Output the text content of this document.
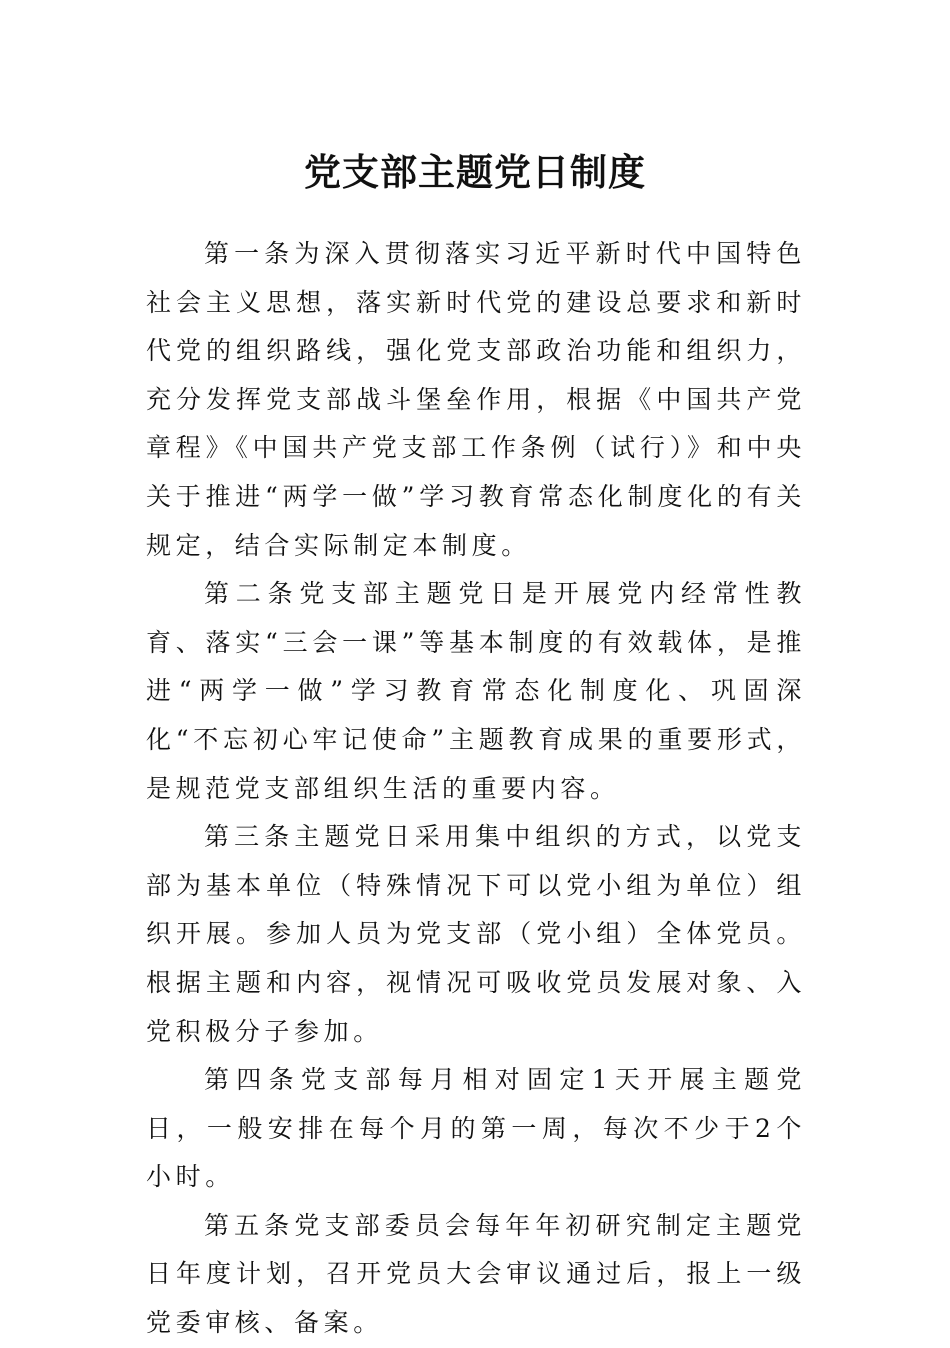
党支部主题党日制度

第一条为深入贯彻落实习近平新时代中国特色社会主义思想，落实新时代党的建设总要求和新时代党的组织路线，强化党支部政治功能和组织力，充分发挥党支部战斗堡垒作用，根据《中国共产党章程》《中国共产党支部工作条例（试行）》和中央关于推进“两学一做”学习教育常态化制度化的有关规定，结合实际制定本制度。

第二条党支部主题党日是开展党内经常性教育、落实“三会一课”等基本制度的有效载体，是推进“两学一做”学习教育常态化制度化、巩固深化“不忘初心牢记使命”主题教育成果的重要形式，是规范党支部组织生活的重要内容。

第三条主题党日采用集中组织的方式，以党支部为基本单位（特殊情况下可以党小组为单位）组织开展。参加人员为党支部（党小组）全体党员。根据主题和内容，视情况可吸收党员发展对象、入党积极分子参加。

第四条党支部每月相对固定1天开展主题党日，一般安排在每个月的第一周，每次不少于2个小时。

第五条党支部委员会每年年初研究制定主题党日年度计划，召开党员大会审议通过后，报上一级党委审核、备案。
